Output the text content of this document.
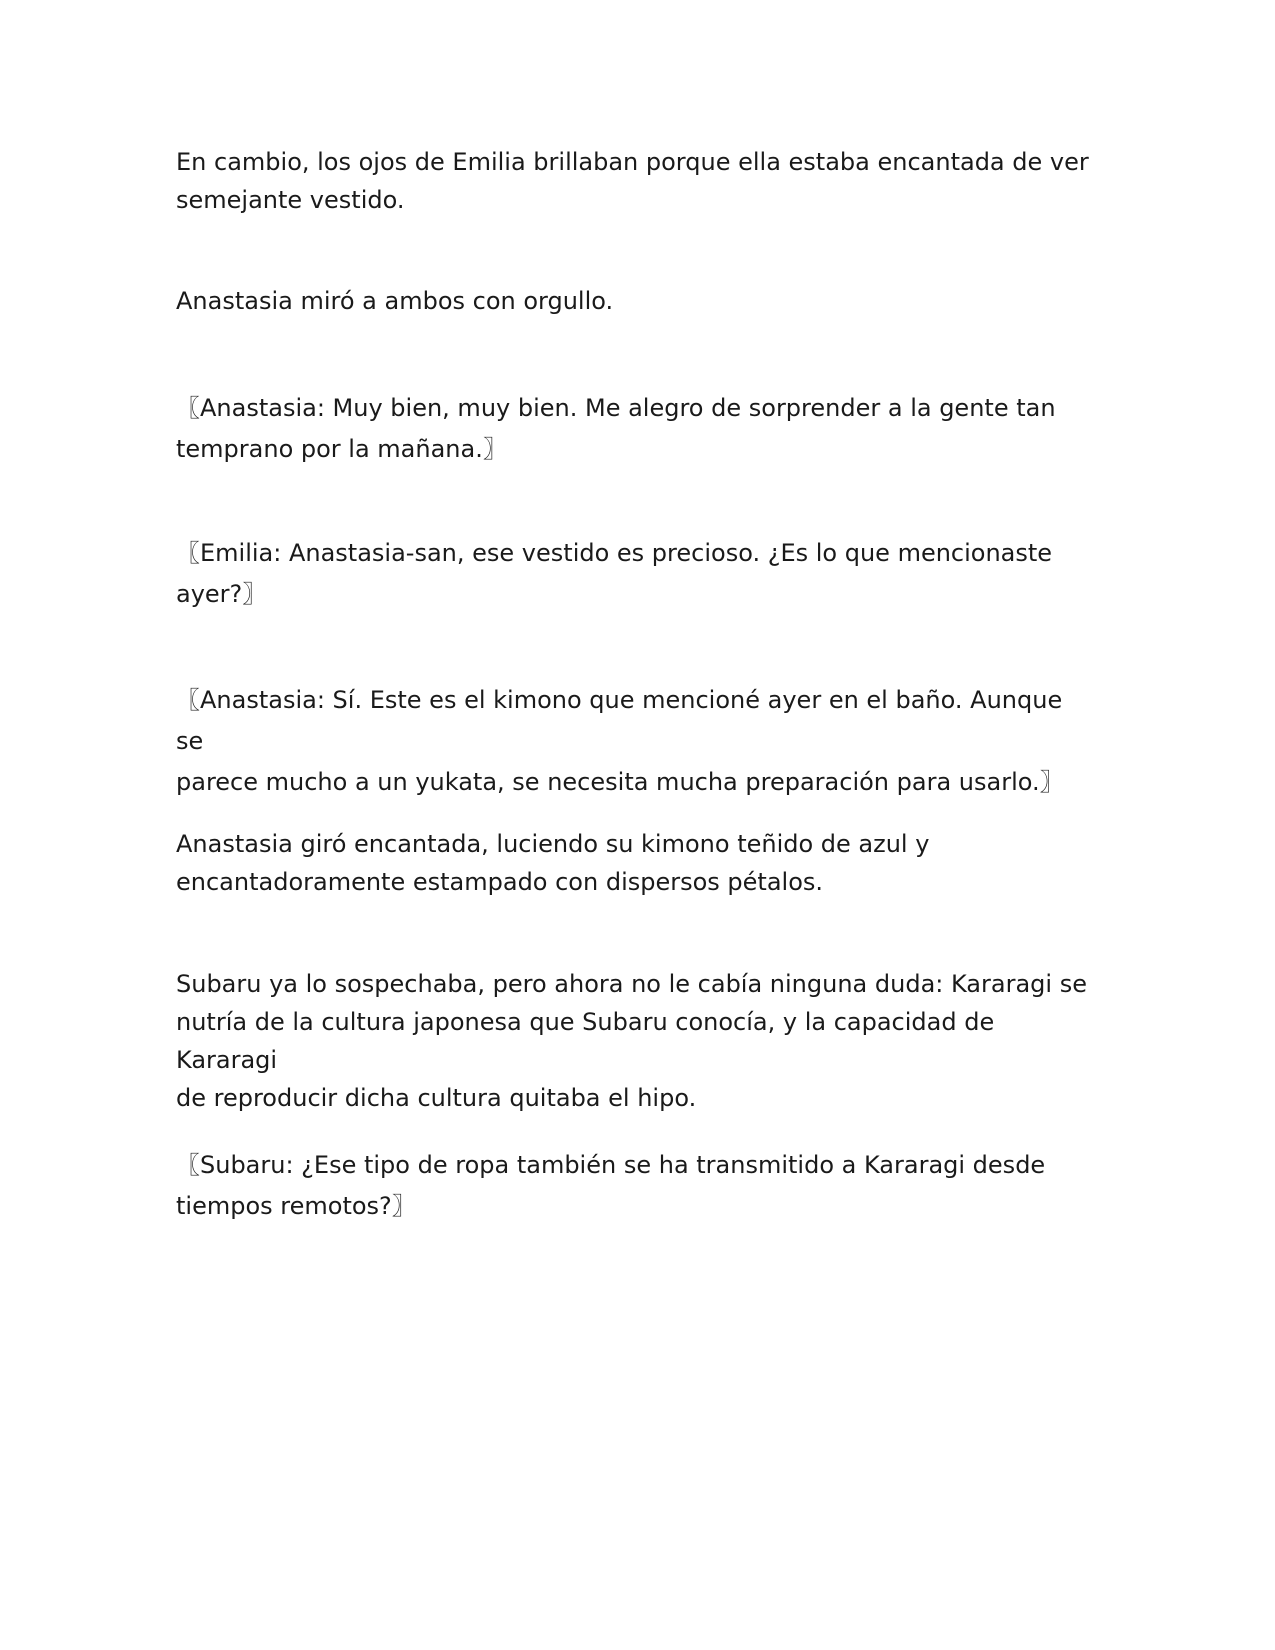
En cambio, los ojos de Emilia brillaban porque ella estaba encantada de ver
semejante vestido.

Anastasia miró a ambos con orgullo.

〖Anastasia: Muy bien, muy bien. Me alegro de sorprender a la gente tan
temprano por la mañana.〗

〖Emilia: Anastasia-san, ese vestido es precioso. ¿Es lo que mencionaste
ayer?〗

〖Anastasia: Sí. Este es el kimono que mencioné ayer en el baño. Aunque se
parece mucho a un yukata, se necesita mucha preparación para usarlo.〗

Anastasia giró encantada, luciendo su kimono teñido de azul y
encantadoramente estampado con dispersos pétalos.

Subaru ya lo sospechaba, pero ahora no le cabía ninguna duda: Kararagi se
nutría de la cultura japonesa que Subaru conocía, y la capacidad de Kararagi
de reproducir dicha cultura quitaba el hipo.

〖Subaru: ¿Ese tipo de ropa también se ha transmitido a Kararagi desde
tiempos remotos?〗
